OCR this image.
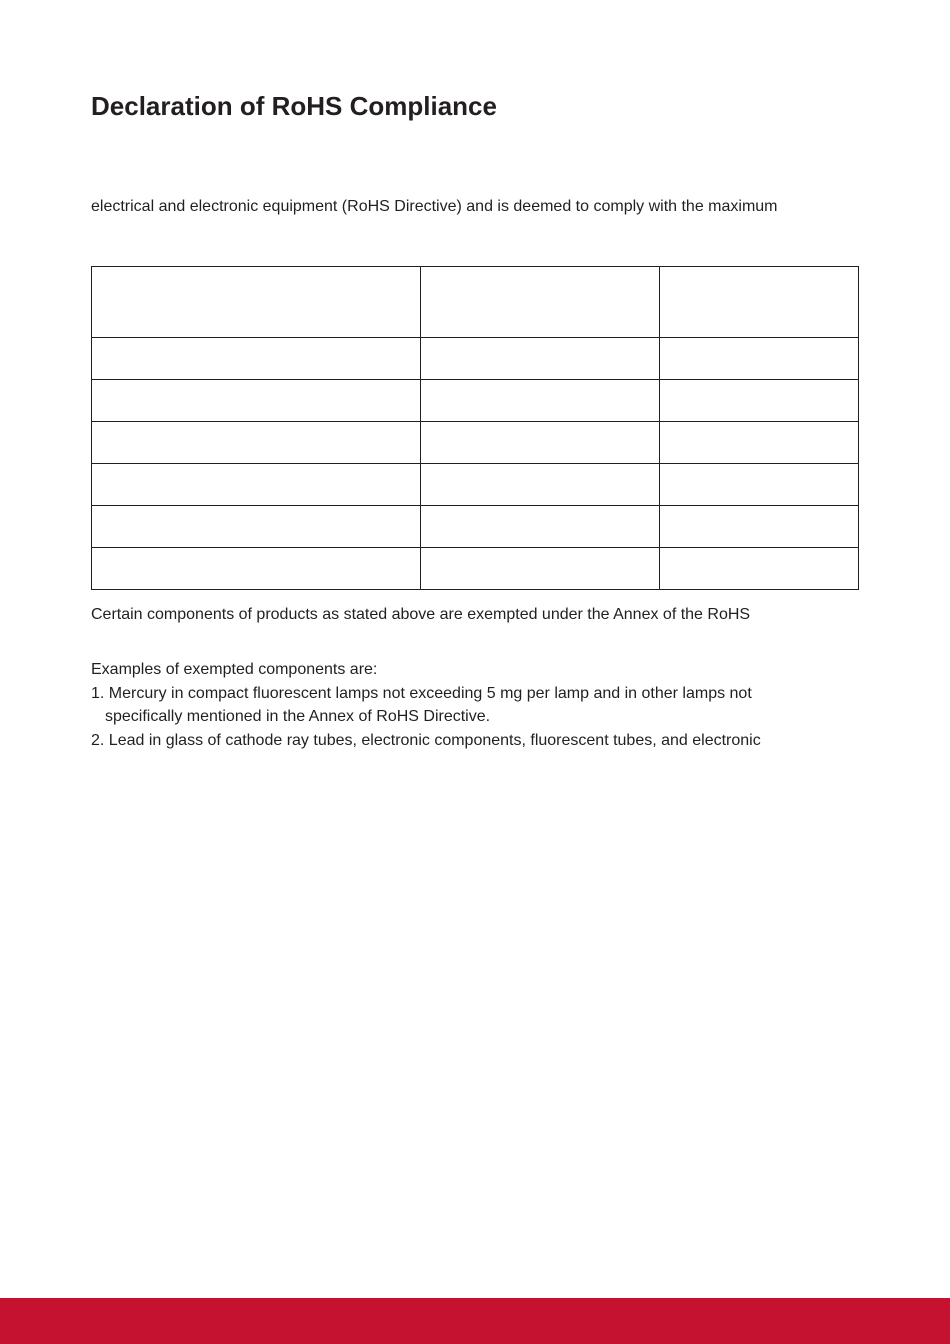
Declaration of RoHS Compliance

electrical and electronic equipment (RoHS Directive) and is deemed to comply with the maximum

Certain components of products as stated above are exempted under the Annex of the RoHS

Examples of exempted components are:
1. Mercury in compact fluorescent lamps not exceeding 5 mg per lamp and in other lamps not
specifically mentioned in the Annex of RoHS Directive.
2. Lead in glass of cathode ray tubes, electronic components, fluorescent tubes, and electronic
